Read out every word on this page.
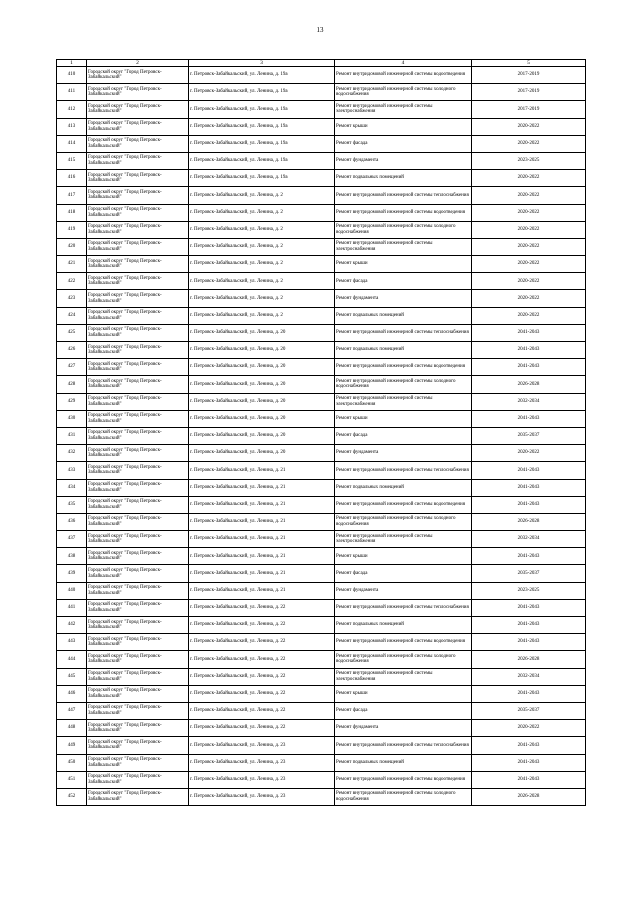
13
1	2	3	4	5
410	Городской округ "Город Петровск-Забайкальский"	г. Петровск-Забайкальский, ул. Ленина, д. 19а	Ремонт внутридомовой инженерной системы водоотведения	2017-2019
411	Городской округ "Город Петровск-Забайкальский"	г. Петровск-Забайкальский, ул. Ленина, д. 19а	Ремонт внутридомовой инженерной системы холодного водоснабжения	2017-2019
412	Городской округ "Город Петровск-Забайкальский"	г. Петровск-Забайкальский, ул. Ленина, д. 19а	Ремонт внутридомовой инженерной системы электроснабжения	2017-2019
413	Городской округ "Город Петровск-Забайкальский"	г. Петровск-Забайкальский, ул. Ленина, д. 19а	Ремонт крыши	2020-2022
414	Городской округ "Город Петровск-Забайкальский"	г. Петровск-Забайкальский, ул. Ленина, д. 19а	Ремонт фасада	2020-2022
415	Городской округ "Город Петровск-Забайкальский"	г. Петровск-Забайкальский, ул. Ленина, д. 19а	Ремонт фундамента	2023-2025
416	Городской округ "Город Петровск-Забайкальский"	г. Петровск-Забайкальский, ул. Ленина, д. 19а	Ремонт подвальных помещений	2020-2022
417	Городской округ "Город Петровск-Забайкальский"	г. Петровск-Забайкальский, ул. Ленина, д. 2	Ремонт внутридомовой инженерной системы теплоснабжения	2020-2022
418	Городской округ "Город Петровск-Забайкальский"	г. Петровск-Забайкальский, ул. Ленина, д. 2	Ремонт внутридомовой инженерной системы водоотведения	2020-2022
419	Городской округ "Город Петровск-Забайкальский"	г. Петровск-Забайкальский, ул. Ленина, д. 2	Ремонт внутридомовой инженерной системы холодного водоснабжения	2020-2022
420	Городской округ "Город Петровск-Забайкальский"	г. Петровск-Забайкальский, ул. Ленина, д. 2	Ремонт внутридомовой инженерной системы электроснабжения	2020-2022
421	Городской округ "Город Петровск-Забайкальский"	г. Петровск-Забайкальский, ул. Ленина, д. 2	Ремонт крыши	2020-2022
422	Городской округ "Город Петровск-Забайкальский"	г. Петровск-Забайкальский, ул. Ленина, д. 2	Ремонт фасада	2020-2022
423	Городской округ "Город Петровск-Забайкальский"	г. Петровск-Забайкальский, ул. Ленина, д. 2	Ремонт фундамента	2020-2022
424	Городской округ "Город Петровск-Забайкальский"	г. Петровск-Забайкальский, ул. Ленина, д. 2	Ремонт подвальных помещений	2020-2022
425	Городской округ "Город Петровск-Забайкальский"	г. Петровск-Забайкальский, ул. Ленина, д. 20	Ремонт внутридомовой инженерной системы теплоснабжения	2041-2043
426	Городской округ "Город Петровск-Забайкальский"	г. Петровск-Забайкальский, ул. Ленина, д. 20	Ремонт подвальных помещений	2041-2043
427	Городской округ "Город Петровск-Забайкальский"	г. Петровск-Забайкальский, ул. Ленина, д. 20	Ремонт внутридомовой инженерной системы водоотведения	2041-2043
428	Городской округ "Город Петровск-Забайкальский"	г. Петровск-Забайкальский, ул. Ленина, д. 20	Ремонт внутридомовой инженерной системы холодного водоснабжения	2026-2028
429	Городской округ "Город Петровск-Забайкальский"	г. Петровск-Забайкальский, ул. Ленина, д. 20	Ремонт внутридомовой инженерной системы электроснабжения	2032-2034
430	Городской округ "Город Петровск-Забайкальский"	г. Петровск-Забайкальский, ул. Ленина, д. 20	Ремонт крыши	2041-2043
431	Городской округ "Город Петровск-Забайкальский"	г. Петровск-Забайкальский, ул. Ленина, д. 20	Ремонт фасада	2035-2037
432	Городской округ "Город Петровск-Забайкальский"	г. Петровск-Забайкальский, ул. Ленина, д. 20	Ремонт фундамента	2020-2022
433	Городской округ "Город Петровск-Забайкальский"	г. Петровск-Забайкальский, ул. Ленина, д. 21	Ремонт внутридомовой инженерной системы теплоснабжения	2041-2043
434	Городской округ "Город Петровск-Забайкальский"	г. Петровск-Забайкальский, ул. Ленина, д. 21	Ремонт подвальных помещений	2041-2043
435	Городской округ "Город Петровск-Забайкальский"	г. Петровск-Забайкальский, ул. Ленина, д. 21	Ремонт внутридомовой инженерной системы водоотведения	2041-2043
436	Городской округ "Город Петровск-Забайкальский"	г. Петровск-Забайкальский, ул. Ленина, д. 21	Ремонт внутридомовой инженерной системы холодного водоснабжения	2026-2028
437	Городской округ "Город Петровск-Забайкальский"	г. Петровск-Забайкальский, ул. Ленина, д. 21	Ремонт внутридомовой инженерной системы электроснабжения	2032-2034
438	Городской округ "Город Петровск-Забайкальский"	г. Петровск-Забайкальский, ул. Ленина, д. 21	Ремонт крыши	2041-2043
439	Городской округ "Город Петровск-Забайкальский"	г. Петровск-Забайкальский, ул. Ленина, д. 21	Ремонт фасада	2035-2037
440	Городской округ "Город Петровск-Забайкальский"	г. Петровск-Забайкальский, ул. Ленина, д. 21	Ремонт фундамента	2023-2025
441	Городской округ "Город Петровск-Забайкальский"	г. Петровск-Забайкальский, ул. Ленина, д. 22	Ремонт внутридомовой инженерной системы теплоснабжения	2041-2043
442	Городской округ "Город Петровск-Забайкальский"	г. Петровск-Забайкальский, ул. Ленина, д. 22	Ремонт подвальных помещений	2041-2043
443	Городской округ "Город Петровск-Забайкальский"	г. Петровск-Забайкальский, ул. Ленина, д. 22	Ремонт внутридомовой инженерной системы водоотведения	2041-2043
444	Городской округ "Город Петровск-Забайкальский"	г. Петровск-Забайкальский, ул. Ленина, д. 22	Ремонт внутридомовой инженерной системы холодного водоснабжения	2026-2028
445	Городской округ "Город Петровск-Забайкальский"	г. Петровск-Забайкальский, ул. Ленина, д. 22	Ремонт внутридомовой инженерной системы электроснабжения	2032-2034
446	Городской округ "Город Петровск-Забайкальский"	г. Петровск-Забайкальский, ул. Ленина, д. 22	Ремонт крыши	2041-2043
447	Городской округ "Город Петровск-Забайкальский"	г. Петровск-Забайкальский, ул. Ленина, д. 22	Ремонт фасада	2035-2037
448	Городской округ "Город Петровск-Забайкальский"	г. Петровск-Забайкальский, ул. Ленина, д. 22	Ремонт фундамента	2020-2022
449	Городской округ "Город Петровск-Забайкальский"	г. Петровск-Забайкальский, ул. Ленина, д. 23	Ремонт внутридомовой инженерной системы теплоснабжения	2041-2043
450	Городской округ "Город Петровск-Забайкальский"	г. Петровск-Забайкальский, ул. Ленина, д. 23	Ремонт подвальных помещений	2041-2043
451	Городской округ "Город Петровск-Забайкальский"	г. Петровск-Забайкальский, ул. Ленина, д. 23	Ремонт внутридомовой инженерной системы водоотведения	2041-2043
452	Городской округ "Город Петровск-Забайкальский"	г. Петровск-Забайкальский, ул. Ленина, д. 23	Ремонт внутридомовой инженерной системы холодного водоснабжения	2026-2028
